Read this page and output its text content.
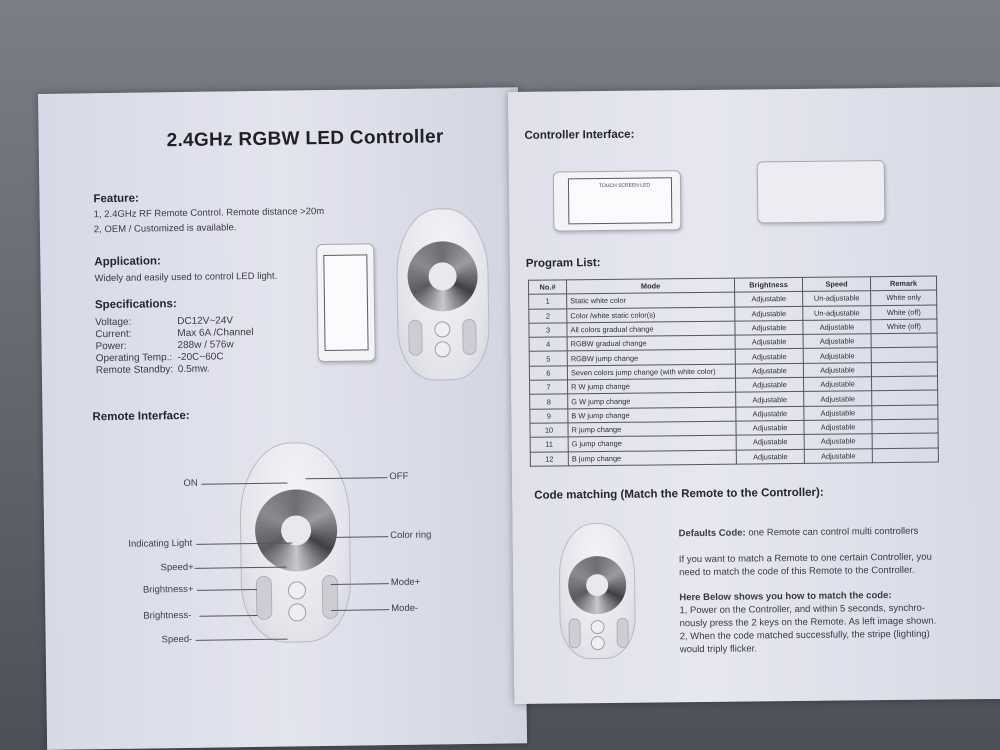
2.4GHz RGBW LED Controller
Feature:
1, 2.4GHz RF Remote Control. Remote distance >20m
2, OEM / Customized is available.
Application:
Widely and easily used to control LED light.
Specifications:
Voltage:	DC12V~24V
Current:	Max 6A /Channel
Power:	288w / 576w
Operating Temp.: -20C~60C
Remote Standby: 0.5mw.
Remote Interface:
ON
OFF
Indicating Light
Color ring
Speed+
Brightness+
Mode+
Brightness-
Mode-
Speed-
Controller Interface:
TOUCH SCREEN LED
Program List:
No.#	Mode	Brightness	Speed	Remark
1	Static white color	Adjustable	Un-adjustable	White only
2	Color /white static color(s)	Adjustable	Un-adjustable	White (off)
3	All colors gradual change	Adjustable	Adjustable	White (off)
4	RGBW gradual change	Adjustable	Adjustable	
5	RGBW jump change	Adjustable	Adjustable	
6	Seven colors jump change (with white color)	Adjustable	Adjustable	
7	R W jump change	Adjustable	Adjustable	
8	G W jump change	Adjustable	Adjustable	
9	B W jump change	Adjustable	Adjustable	
10	R jump change	Adjustable	Adjustable	
11	G jump change	Adjustable	Adjustable	
12	B jump change	Adjustable	Adjustable	
Code matching (Match the Remote to the Controller):
Defaults Code: one Remote can control multi controllers
If you want to match a Remote to one certain Controller, you
need to match the code of this Remote to the Controller.
Here Below shows you how to match the code:
1, Power on the Controller, and within 5 seconds, synchro-
nously press the 2 keys on the Remote. As left image shown.
2, When the code matched successfully, the stripe (lighting)
would triply flicker.
